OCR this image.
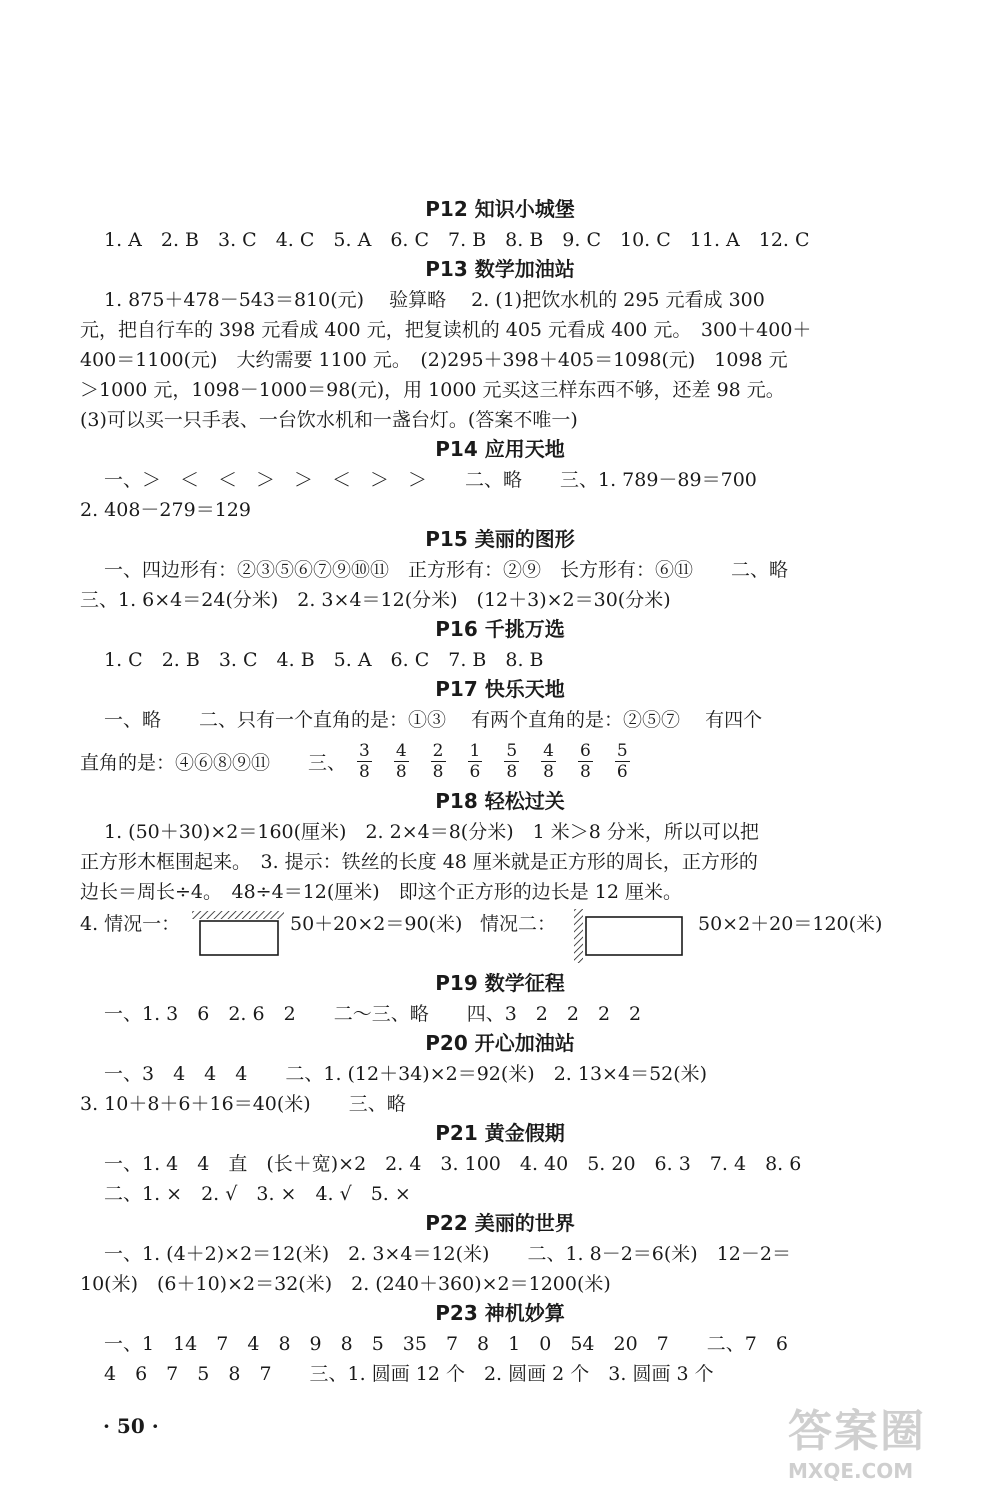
P12 知识小城堡
1. A　2. B　3. C　4. C　5. A　6. C　7. B　8. B　9. C　10. C　11. A　12. C
P13 数学加油站
1. 875＋478－543＝810(元)　 验算略　 2. (1)把饮水机的 295 元看成 300
元，把自行车的 398 元看成 400 元，把复读机的 405 元看成 400 元。　300＋400＋
400＝1100(元)　大约需要 1100 元。　(2)295＋398＋405＝1098(元)　1098 元
＞1000 元，1098－1000＝98(元)，用 1000 元买这三样东西不够，还差 98 元。
(3)可以买一只手表、一台饮水机和一盏台灯。(答案不唯一)
P14 应用天地
一、＞　＜　＜　＞　＞　＜　＞　＞　　二、略　　三、1. 789－89＝700
2. 408－279＝129
P15 美丽的图形
一、四边形有：②③⑤⑥⑦⑨⑩⑪　正方形有：②⑨　长方形有：⑥⑪　　二、略
三、1. 6×4＝24(分米)　2. 3×4＝12(分米)　(12＋3)×2＝30(分米)
P16 千挑万选
1. C　2. B　3. C　4. B　5. A　6. C　7. B　8. B
P17 快乐天地
一、略　　二、只有一个直角的是：①③　 有两个直角的是：②⑤⑦　 有四个
直角的是：④⑥⑧⑨⑪　　三、 $\frac{3}{8} \frac{4}{8} \frac{2}{8} \frac{1}{6} \frac{5}{8} \frac{4}{8} \frac{6}{8} \frac{5}{6}$
P18 轻松过关
1. (50＋30)×2＝160(厘米)　2. 2×4＝8(分米)　1 米＞8 分米，所以可以把
正方形木框围起来。　3. 提示：铁丝的长度 48 厘米就是正方形的周长，正方形的
边长＝周长÷4。　48÷4＝12(厘米)　即这个正方形的边长是 12 厘米。
4. 情况一：	50＋20×2＝90(米) 情况二：	50×2＋20＝120(米)
P19 数学征程
一、1. 3　6　2. 6　2　　二～三、略　　四、3　2　2　2　2
P20 开心加油站
一、3　4　4　4　　二、1. (12＋34)×2＝92(米)　2. 13×4＝52(米)
3. 10＋8＋6＋16＝40(米)　　三、略
P21 黄金假期
一、1. 4　4　直　(长＋宽)×2　2. 4　3. 100　4. 40　5. 20　6. 3　7. 4　8. 6
二、1. ×　2. √　3. ×　4. √　5. ×
P22 美丽的世界
一、1. (4＋2)×2＝12(米)　2. 3×4＝12(米)　　二、1. 8－2＝6(米)　12－2＝
10(米)　(6＋10)×2＝32(米)　2. (240＋360)×2＝1200(米)
P23 神机妙算
一、1　14　7　4　8　9　8　5　35　7　8　1　0　54　20　7　　二、7　6
4　6　7　5　8　7　　三、1. 圆画 12 个　2. 圆画 2 个　3. 圆画 3 个
· 50 ·	答案圈
MXQE.COM
